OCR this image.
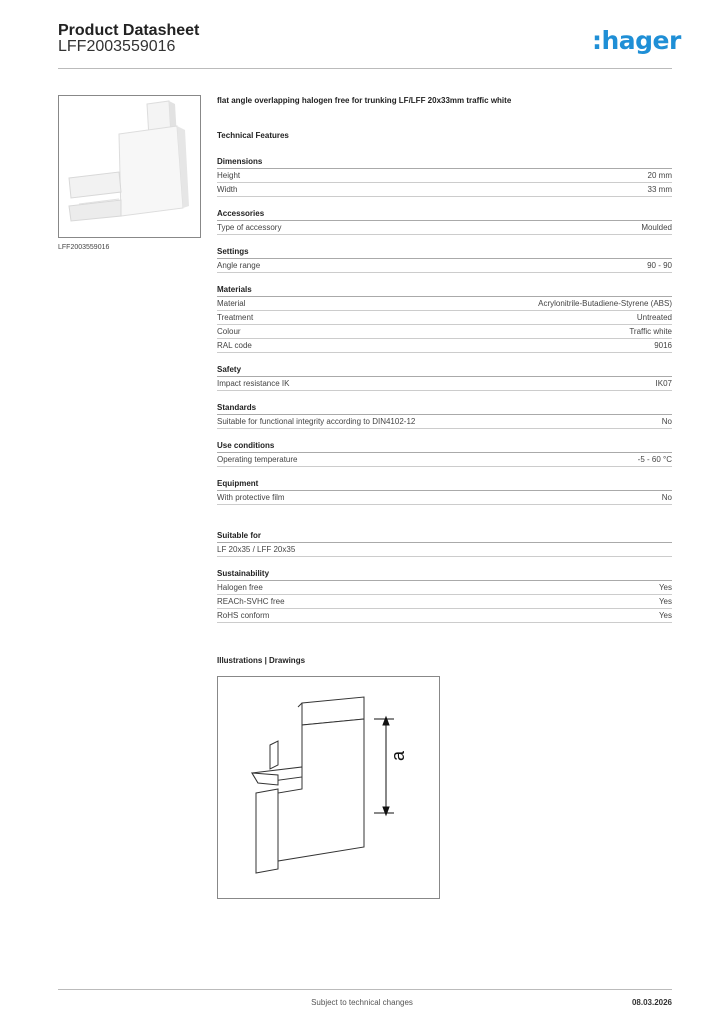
Product Datasheet
LFF2003559016	:hager
LFF2003559016
flat angle overlapping halogen free for trunking LF/LFF 20x33mm traffic white
Technical Features
Dimensions
Height	20 mm
Width	33 mm
Accessories
Type of accessory	Moulded
Settings
Angle range	90 - 90
Materials
Material	Acrylonitrile-Butadiene-Styrene (ABS)
Treatment	Untreated
Colour	Traffic white
RAL code	9016
Safety
Impact resistance IK	IK07
Standards
Suitable for functional integrity according to DIN4102-12	No
Use conditions
Operating temperature	-5 - 60 °C
Equipment
With protective film	No
Suitable for
LF 20x35 / LFF 20x35
Sustainability
Halogen free	Yes
REACh-SVHC free	Yes
RoHS conform	Yes
Illustrations | Drawings
a
Subject to technical changes	08.03.2026
